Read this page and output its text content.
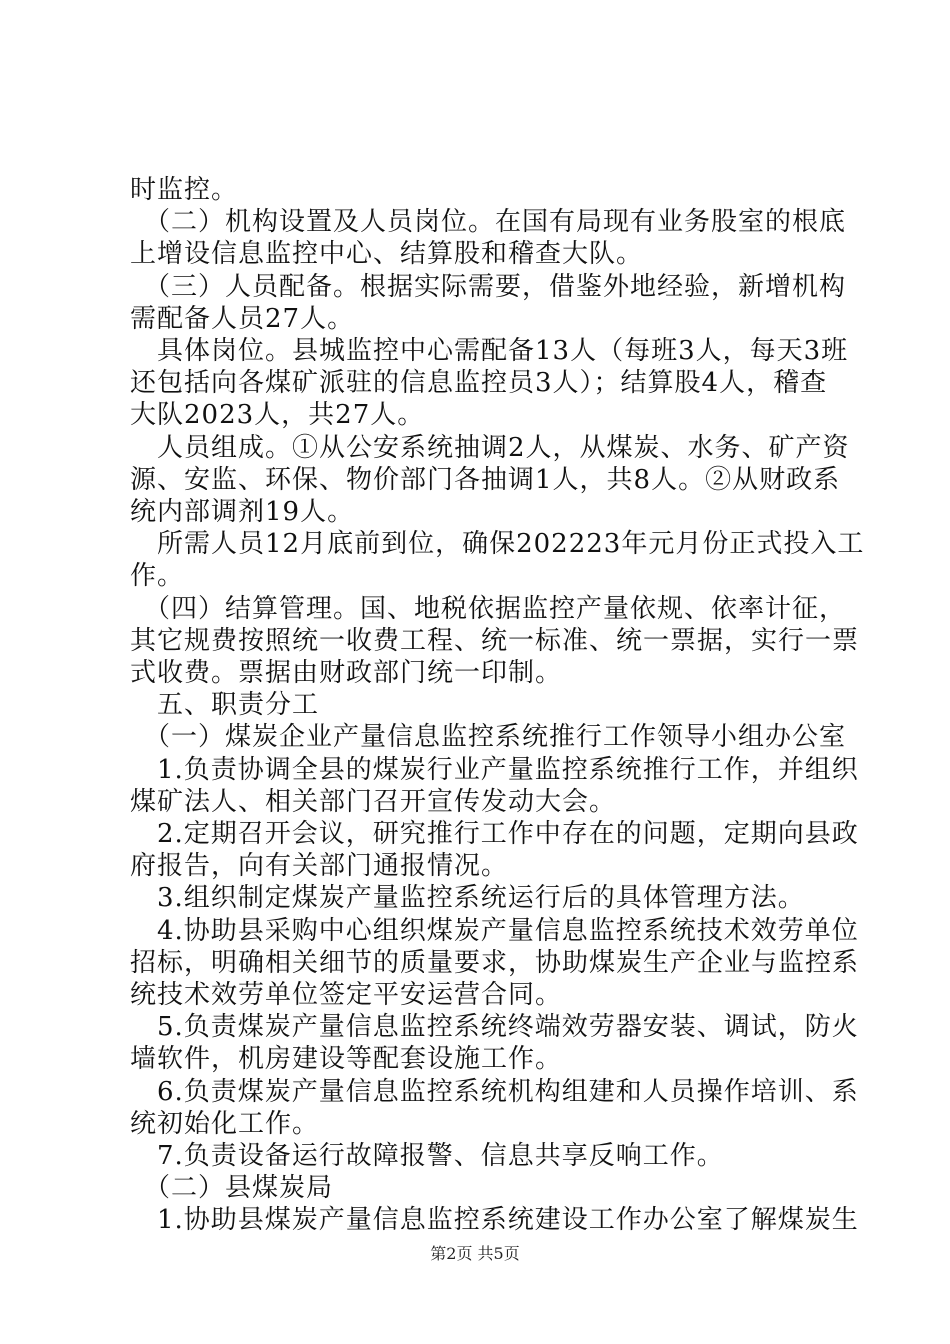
时监控。
　（二）机构设置及人员岗位。在国有局现有业务股室的根底
上增设信息监控中心、结算股和稽查大队。
　（三）人员配备。根据实际需要，借鉴外地经验，新增机构
需配备人员27人。
　具体岗位。县城监控中心需配备13人（每班3人，每天3班
还包括向各煤矿派驻的信息监控员3人）；结算股4人，稽查
大队2023人，共27人。
　人员组成。①从公安系统抽调2人，从煤炭、水务、矿产资
源、安监、环保、物价部门各抽调1人，共8人。②从财政系
统内部调剂19人。
　所需人员12月底前到位，确保202223年元月份正式投入工
作。
　（四）结算管理。国、地税依据监控产量依规、依率计征，
其它规费按照统一收费工程、统一标准、统一票据，实行一票
式收费。票据由财政部门统一印制。
　五、职责分工
　（一）煤炭企业产量信息监控系统推行工作领导小组办公室
　1.负责协调全县的煤炭行业产量监控系统推行工作，并组织
煤矿法人、相关部门召开宣传发动大会。
　2.定期召开会议，研究推行工作中存在的问题，定期向县政
府报告，向有关部门通报情况。
　3.组织制定煤炭产量监控系统运行后的具体管理方法。
　4.协助县采购中心组织煤炭产量信息监控系统技术效劳单位
招标，明确相关细节的质量要求，协助煤炭生产企业与监控系
统技术效劳单位签定平安运营合同。
　5.负责煤炭产量信息监控系统终端效劳器安装、调试，防火
墙软件，机房建设等配套设施工作。
　6.负责煤炭产量信息监控系统机构组建和人员操作培训、系
统初始化工作。
　7.负责设备运行故障报警、信息共享反响工作。
　（二）县煤炭局
　1.协助县煤炭产量信息监控系统建设工作办公室了解煤炭生
第2页 共5页
